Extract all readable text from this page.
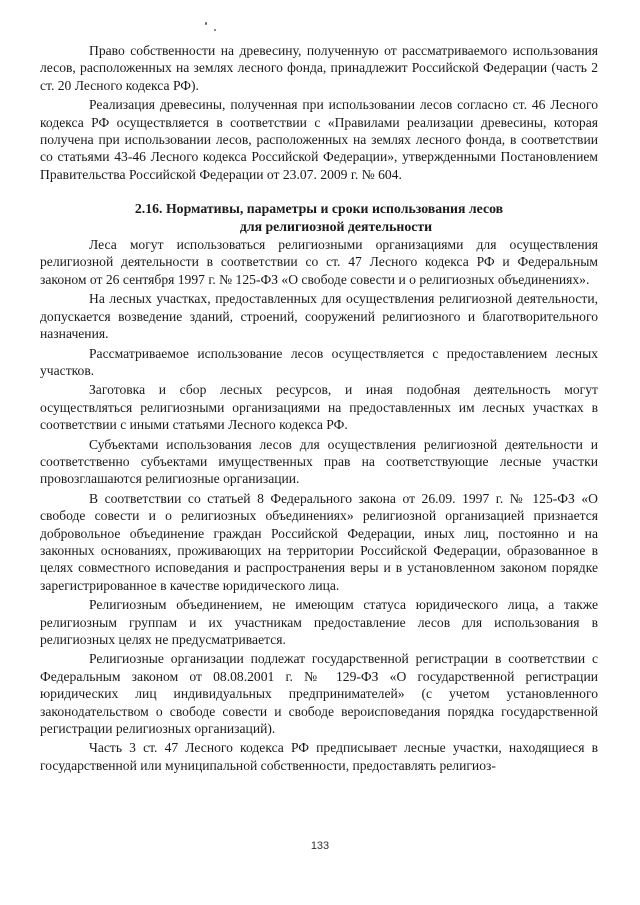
Право собственности на древесину, полученную от рассматриваемого использования лесов, расположенных на землях лесного фонда, принадлежит Российской Федерации (часть 2 ст. 20 Лесного кодекса РФ).

Реализация древесины, полученная при использовании лесов согласно ст. 46 Лесного кодекса РФ осуществляется в соответствии с «Правилами реализации древесины, которая получена при использовании лесов, расположенных на землях лесного фонда, в соответствии со статьями 43-46 Лесного кодекса Российской Федерации», утвержденными Постановлением Правительства Российской Федерации от 23.07. 2009 г. № 604.

2.16. Нормативы, параметры и сроки использования лесов
для религиозной деятельности

Леса могут использоваться религиозными организациями для осуществления религиозной деятельности в соответствии со ст. 47 Лесного кодекса РФ и Федеральным законом от 26 сентября 1997 г. № 125-ФЗ «О свободе совести и о религиозных объединениях».

На лесных участках, предоставленных для осуществления религиозной деятельности, допускается возведение зданий, строений, сооружений религиозного и благотворительного назначения.

Рассматриваемое использование лесов осуществляется с предоставлением лесных участков.

Заготовка и сбор лесных ресурсов, и иная подобная деятельность могут осуществляться религиозными организациями на предоставленных им лесных участках в соответствии с иными статьями Лесного кодекса РФ.

Субъектами использования лесов для осуществления религиозной деятельности и соответственно субъектами имущественных прав на соответствующие лесные участки провозглашаются религиозные организации.

В соответствии со статьей 8 Федерального закона от 26.09. 1997 г. № 125-ФЗ «О свободе совести и о религиозных объединениях» религиозной организацией признается добровольное объединение граждан Российской Федерации, иных лиц, постоянно и на законных основаниях, проживающих на территории Российской Федерации, образованное в целях совместного исповедания и распространения веры и в установленном законом порядке зарегистрированное в качестве юридического лица.

Религиозным объединением, не имеющим статуса юридического лица, а также религиозным группам и их участникам предоставление лесов для использования в религиозных целях не предусматривается.

Религиозные организации подлежат государственной регистрации в соответствии с Федеральным законом от 08.08.2001 г. № 129-ФЗ «О государственной регистрации юридических лиц индивидуальных предпринимателей» (с учетом установленного законодательством о свободе совести и свободе вероисповедания порядка государственной регистрации религиозных организаций).

Часть 3 ст. 47 Лесного кодекса РФ предписывает лесные участки, находящиеся в государственной или муниципальной собственности, предоставлять религиоз-

133
